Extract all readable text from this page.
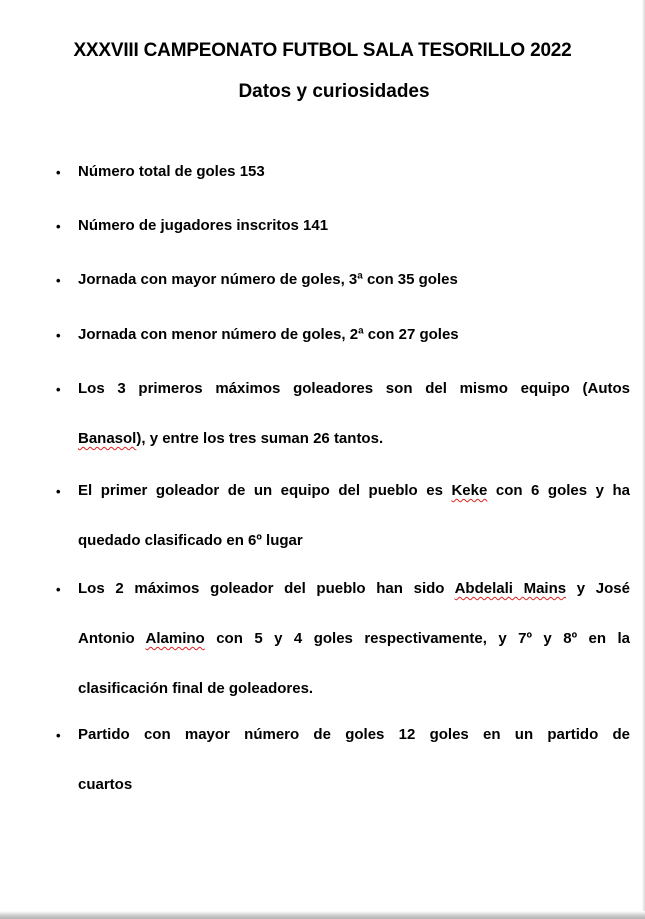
XXXVIII CAMPEONATO FUTBOL SALA TESORILLO 2022
Datos y curiosidades
• Número total de goles 153

• Número de jugadores inscritos 141

• Jornada con mayor número de goles, 3ª con 35 goles

• Jornada con menor número de goles, 2ª con 27 goles

• Los 3 primeros máximos goleadores son del mismo equipo (Autos
Banasol), y entre los tres suman 26 tantos.

• El primer goleador de un equipo del pueblo es Keke con 6 goles y ha
quedado clasificado en 6º lugar

• Los 2 máximos goleador del pueblo han sido Abdelali Mains y José
Antonio Alamino con 5 y 4 goles respectivamente, y 7º y 8º en la
clasificación final de goleadores.

• Partido con mayor número de goles 12 goles en un partido de
cuartos
